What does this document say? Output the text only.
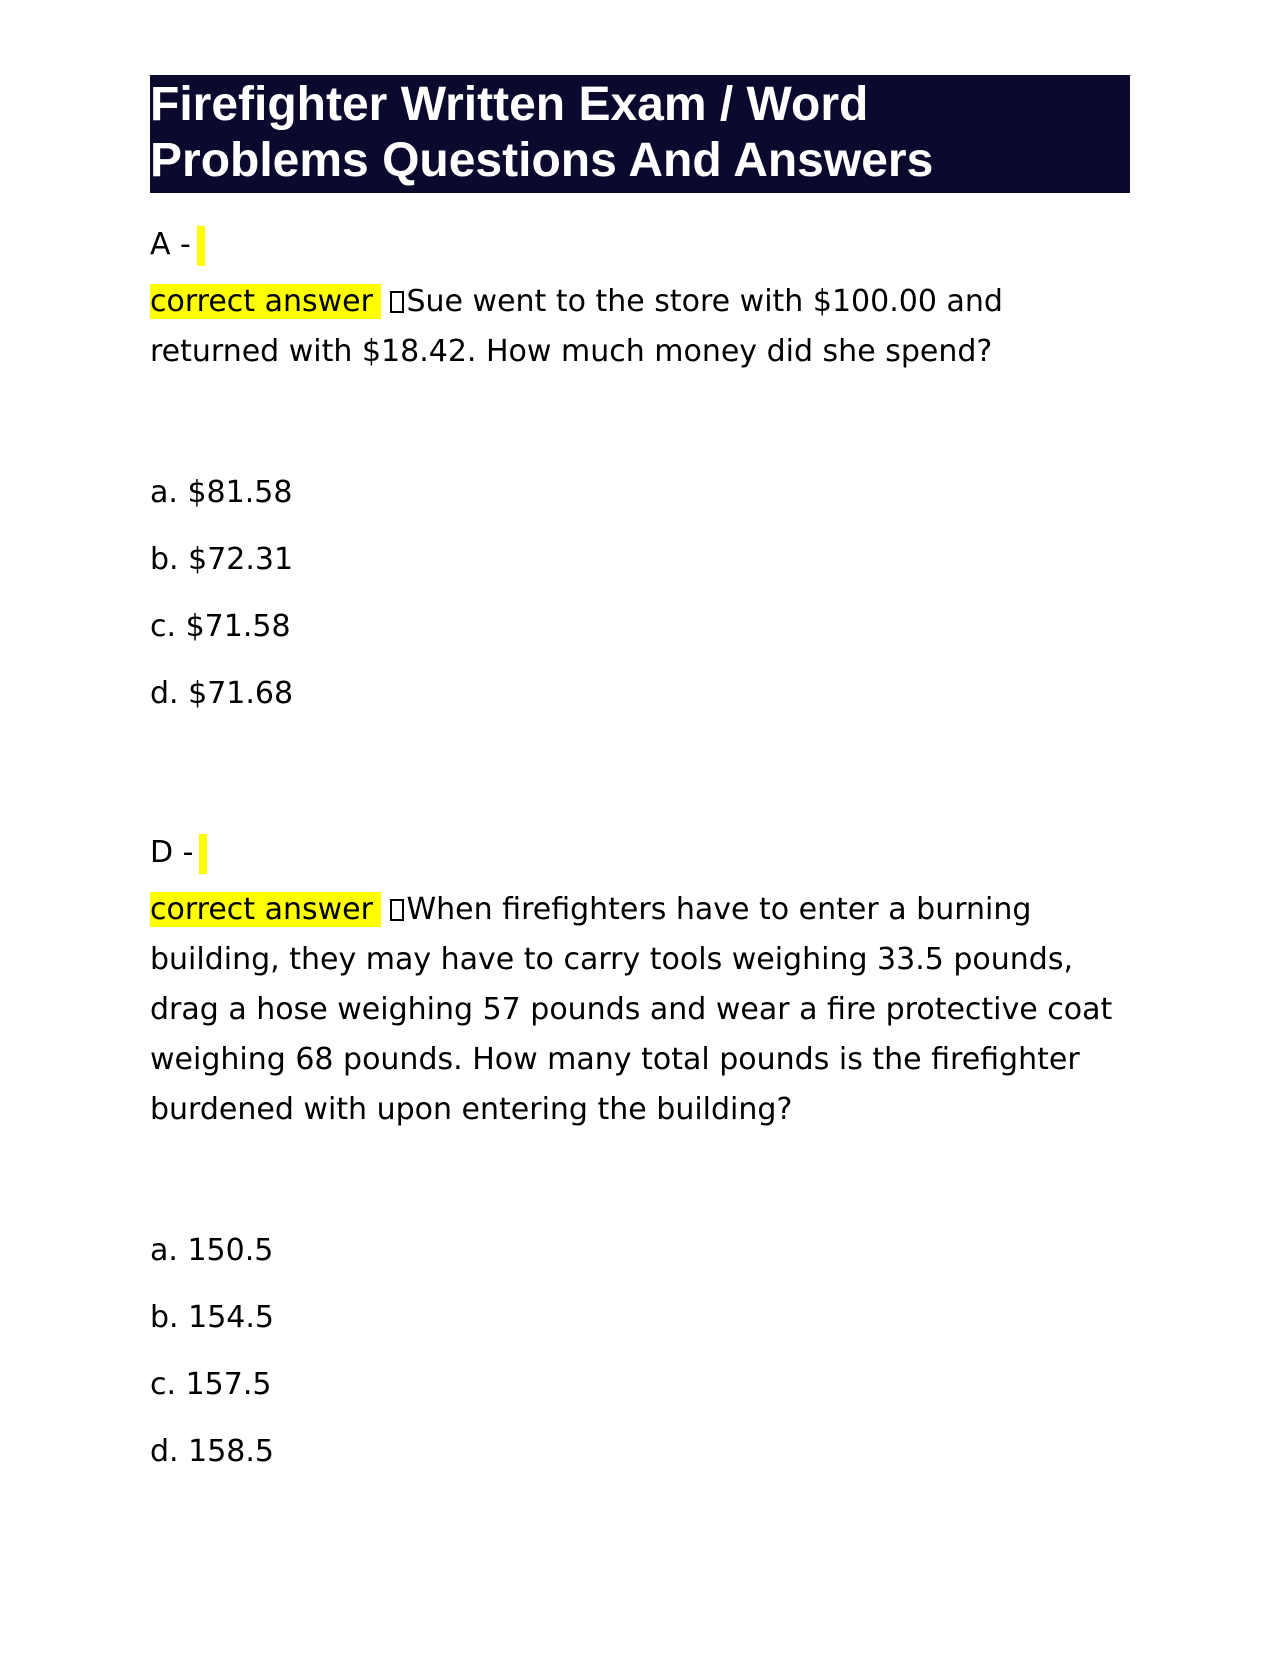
Firefighter Written Exam / Word
Problems Questions And Answers
A -
correct answer Sue went to the store with $100.00 and returned with $18.42. How much money did she spend?
a. $81.58
b. $72.31
c. $71.58
d. $71.68
D -
correct answer When firefighters have to enter a burning building, they may have to carry tools weighing 33.5 pounds, drag a hose weighing 57 pounds and wear a fire protective coat weighing 68 pounds. How many total pounds is the firefighter burdened with upon entering the building?
a. 150.5
b. 154.5
c. 157.5
d. 158.5
